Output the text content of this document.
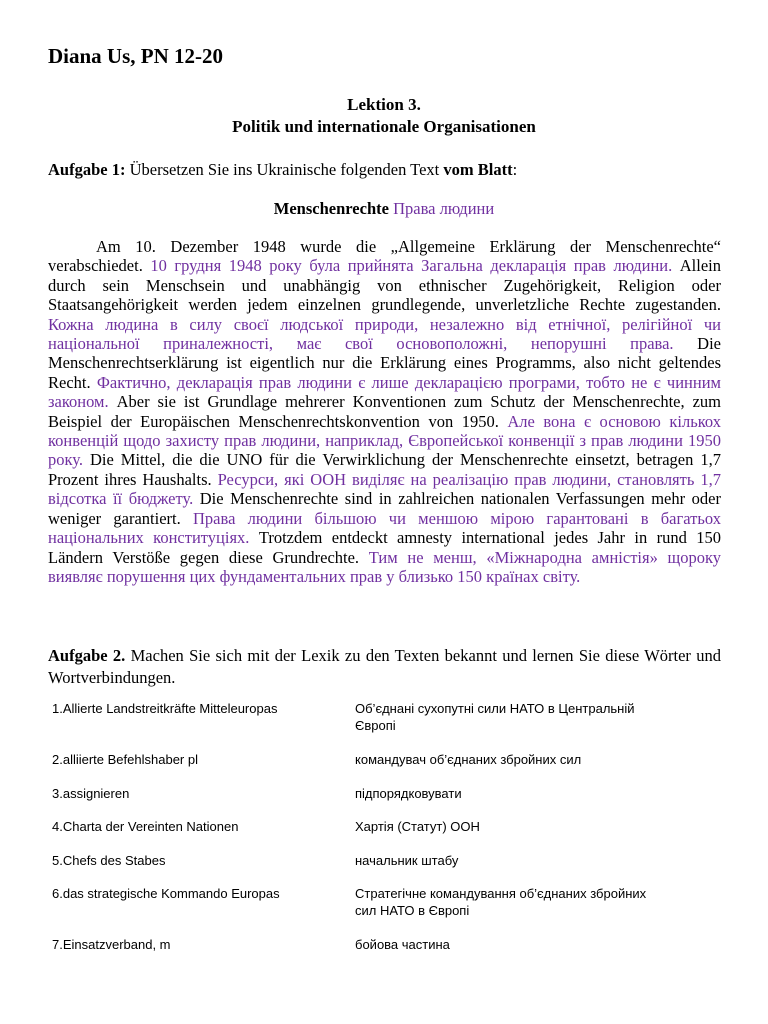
Diana Us, PN 12-20
Lektion 3.
Politik und internationale Organisationen
Aufgabe 1: Übersetzen Sie ins Ukrainische folgenden Text vom Blatt:
Menschenrechte Права людини

Am 10. Dezember 1948 wurde die „Allgemeine Erklärung der Menschenrechte“ verabschiedet. 10 грудня 1948 року була прийнята Загальна декларація прав людини. Allein durch sein Menschsein und unabhängig von ethnischer Zugehörigkeit, Religion oder Staatsangehörigkeit werden jedem einzelnen grundlegende, unverletzliche Rechte zugestanden. Кожна людина в силу своєї людської природи, незалежно від етнічної, релігійної чи національної приналежності, має свої основоположні, непорушні права. Die Menschenrechtserklärung ist eigentlich nur die Erklärung eines Programms, also nicht geltendes Recht. Фактично, декларація прав людини є лише декларацією програми, тобто не є чинним законом. Aber sie ist Grundlage mehrerer Konventionen zum Schutz der Menschenrechte, zum Beispiel der Europäischen Menschenrechtskonvention von 1950. Але вона є основою кількох конвенцій щодо захисту прав людини, наприклад, Європейської конвенції з прав людини 1950 року. Die Mittel, die die UNO für die Verwirklichung der Menschenrechte einsetzt, betragen 1,7 Prozent ihres Haushalts. Ресурси, які ООН виділяє на реалізацію прав людини, становлять 1,7 відсотка її бюджету. Die Menschenrechte sind in zahlreichen nationalen Verfassungen mehr oder weniger garantiert. Права людини більшою чи меншою мірою гарантовані в багатьох національних конституціях. Trotzdem entdeckt amnesty international jedes Jahr in rund 150 Ländern Verstöße gegen diese Grundrechte. Тим не менш, «Міжнародна амністія» щороку виявляє порушення цих фундаментальних прав у близько 150 країнах світу.

Aufgabe 2. Machen Sie sich mit der Lexik zu den Texten bekannt und lernen Sie diese Wörter und Wortverbindungen.

1.Allierte Landstreitkräfte Mitteleuropas	Об’єднані сухопутні сили НАТО в Центральній Європі
2.alliierte Befehlshaber pl	командувач об’єднаних збройних сил
3.assignieren	підпорядковувати
4.Charta der Vereinten Nationen	Хартія (Статут) ООН
5.Chefs des Stabes	начальник штабу
6.das strategische Kommando Europas	Стратегічне командування об’єднаних збройних сил НАТО в Європі
7.Einsatzverband, m	бойова частина
